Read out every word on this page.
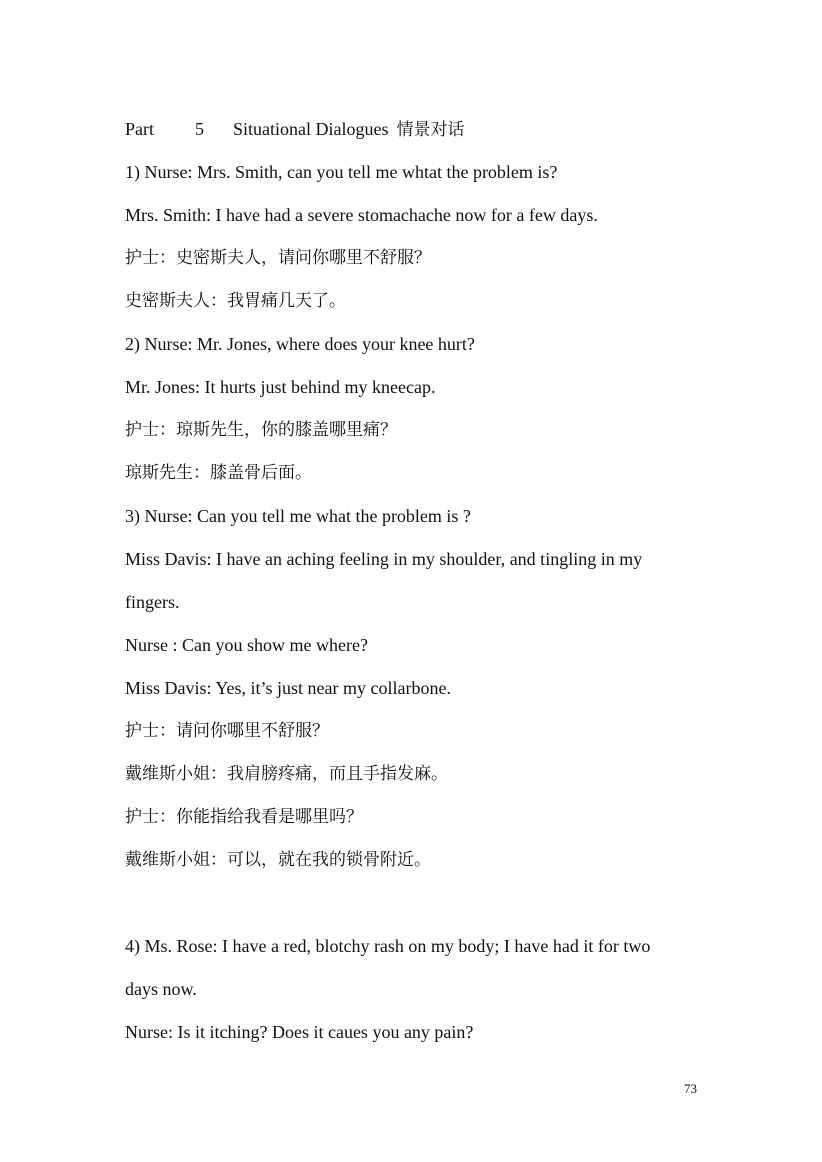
Part 5 Situational Dialogues 情景对话
1) Nurse: Mrs. Smith, can you tell me whtat the problem is?
Mrs. Smith: I have had a severe stomachache now for a few days.
护士：史密斯夫人，请问你哪里不舒服？
史密斯夫人：我胃痛几天了。
2) Nurse: Mr. Jones, where does your knee hurt?
Mr. Jones: It hurts just behind my kneecap.
护士：琼斯先生，你的膝盖哪里痛？
琼斯先生：膝盖骨后面。
3) Nurse: Can you tell me what the problem is ?
Miss Davis: I have an aching feeling in my shoulder, and tingling in my
fingers.
Nurse : Can you show me where?
Miss Davis: Yes, it’s just near my collarbone.
护士：请问你哪里不舒服？
戴维斯小姐：我肩膀疼痛，而且手指发麻。
护士：你能指给我看是哪里吗？
戴维斯小姐：可以，就在我的锁骨附近。
4) Ms. Rose: I have a red, blotchy rash on my body; I have had it for two
days now.
Nurse: Is it itching? Does it caues you any pain?
73
